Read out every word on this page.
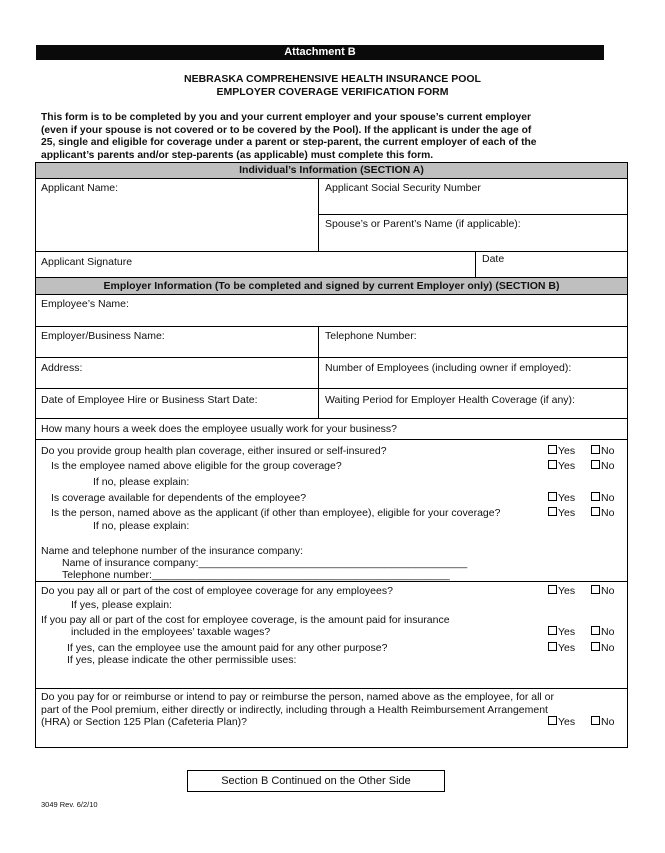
Attachment B
NEBRASKA COMPREHENSIVE HEALTH INSURANCE POOL
EMPLOYER COVERAGE VERIFICATION FORM
This form is to be completed by you and your current employer and your spouse’s current employer
(even if your spouse is not covered or to be covered by the Pool). If the applicant is under the age of
25, single and eligible for coverage under a parent or step-parent, the current employer of each of the
applicant’s parents and/or step-parents (as applicable) must complete this form.
Individual’s Information (SECTION A)
Applicant Name:	Applicant Social Security Number
Spouse’s or Parent’s Name (if applicable):
Applicant Signature	Date
Employer Information (To be completed and signed by current Employer only) (SECTION B)
Employee’s Name:
Employer/Business Name:	Telephone Number:
Address:	Number of Employees (including owner if employed):
Date of Employee Hire or Business Start Date:	Waiting Period for Employer Health Coverage (if any):
How many hours a week does the employee usually work for your business?
Do you provide group health plan coverage, either insured or self-insured?	Yes	No
Is the employee named above eligible for the group coverage?	Yes	No
If no, please explain:
Is coverage available for dependents of the employee?	Yes	No
Is the person, named above as the applicant (if other than employee), eligible for your coverage?	Yes	No
If no, please explain:
Name and telephone number of the insurance company:
Name of insurance company:______________________________________________
Telephone number:___________________________________________________
Do you pay all or part of the cost of employee coverage for any employees?	Yes	No
If yes, please explain:
If you pay all or part of the cost for employee coverage, is the amount paid for insurance
included in the employees’ taxable wages?	Yes	No
If yes, can the employee use the amount paid for any other purpose?	Yes	No
If yes, please indicate the other permissible uses:
Do you pay for or reimburse or intend to pay or reimburse the person, named above as the employee, for all or
part of the Pool premium, either directly or indirectly, including through a Health Reimbursement Arrangement
(HRA) or Section 125 Plan (Cafeteria Plan)?	Yes	No
Section B Continued on the Other Side
3049 Rev. 6/2/10
